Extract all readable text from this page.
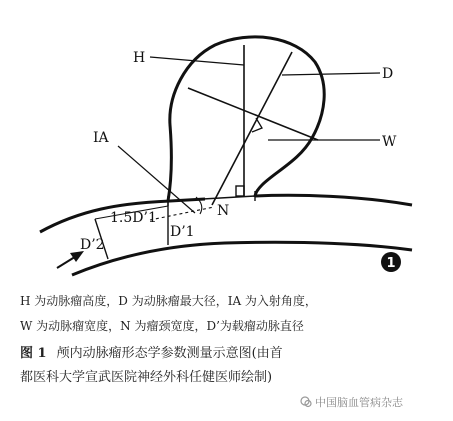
1
H
D
IA	W
N
1.5D’1
D’1
D’2
H 为动脉瘤高度，D 为动脉瘤最大径，IA 为入射角度，
W 为动脉瘤宽度，N 为瘤颈宽度，D’为载瘤动脉直径
图 1 颅内动脉瘤形态学参数测量示意图(由首
都医科大学宣武医院神经外科任健医师绘制)
中国脑血管病杂志
